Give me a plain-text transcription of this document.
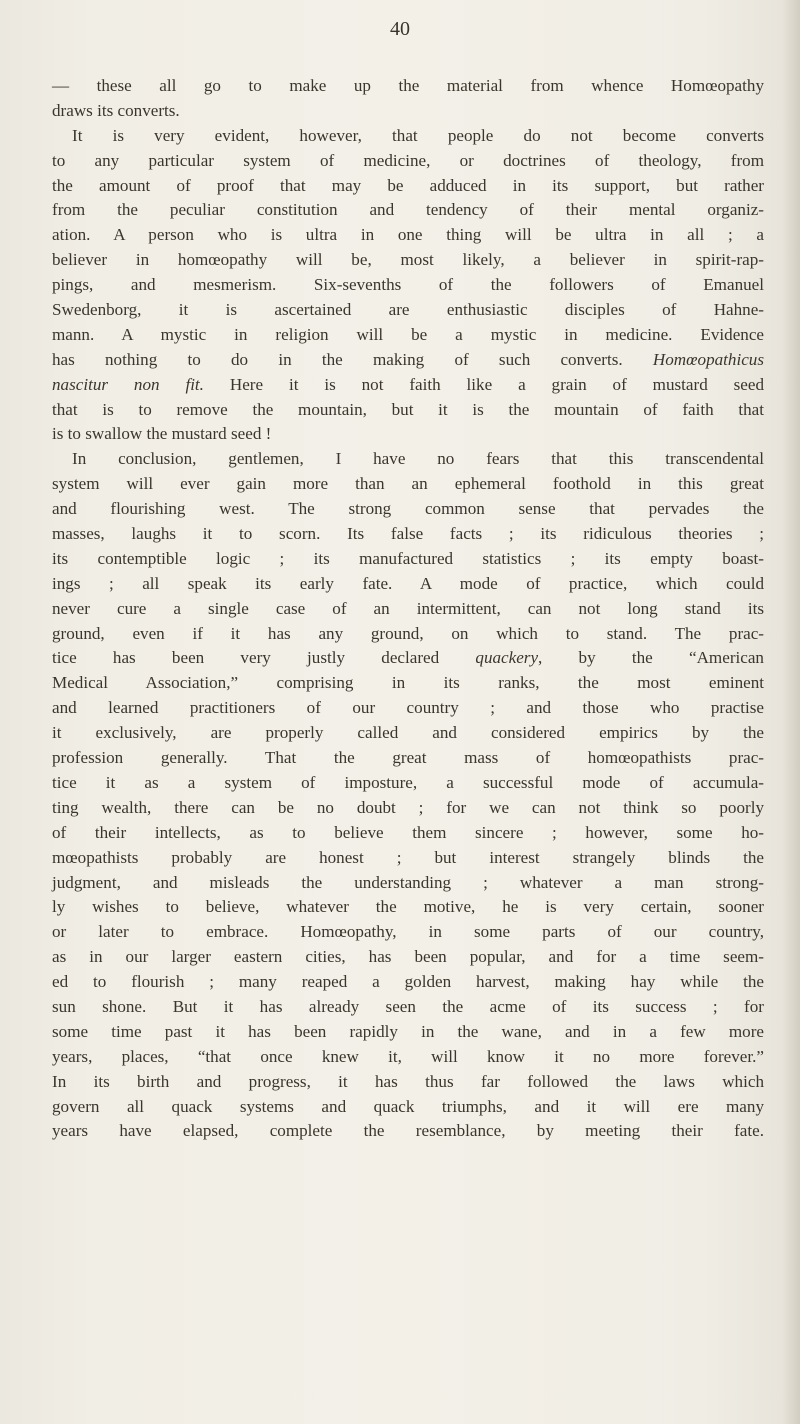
40
— these all go to make up the material from whence Homœopathy
draws its converts.
It is very evident, however, that people do not become converts
to any particular system of medicine, or doctrines of theology, from
the amount of proof that may be adduced in its support, but rather
from the peculiar constitution and tendency of their mental organiz-
ation. A person who is ultra in one thing will be ultra in all ; a
believer in homœopathy will be, most likely, a believer in spirit-rap-
pings, and mesmerism. Six-sevenths of the followers of Emanuel
Swedenborg, it is ascertained are enthusiastic disciples of Hahne-
mann. A mystic in religion will be a mystic in medicine. Evidence
has nothing to do in the making of such converts. Homœopathicus
nascitur non fit. Here it is not faith like a grain of mustard seed
that is to remove the mountain, but it is the mountain of faith that
is to swallow the mustard seed !
In conclusion, gentlemen, I have no fears that this transcendental
system will ever gain more than an ephemeral foothold in this great
and flourishing west. The strong common sense that pervades the
masses, laughs it to scorn. Its false facts ; its ridiculous theories ;
its contemptible logic ; its manufactured statistics ; its empty boast-
ings ; all speak its early fate. A mode of practice, which could
never cure a single case of an intermittent, can not long stand its
ground, even if it has any ground, on which to stand. The prac-
tice has been very justly declared quackery, by the “American
Medical Association,” comprising in its ranks, the most eminent
and learned practitioners of our country ; and those who practise
it exclusively, are properly called and considered empirics by the
profession generally. That the great mass of homœopathists prac-
tice it as a system of imposture, a successful mode of accumula-
ting wealth, there can be no doubt ; for we can not think so poorly
of their intellects, as to believe them sincere ; however, some ho-
mœopathists probably are honest ; but interest strangely blinds the
judgment, and misleads the understanding ; whatever a man strong-
ly wishes to believe, whatever the motive, he is very certain, sooner
or later to embrace. Homœopathy, in some parts of our country,
as in our larger eastern cities, has been popular, and for a time seem-
ed to flourish ; many reaped a golden harvest, making hay while the
sun shone. But it has already seen the acme of its success ; for
some time past it has been rapidly in the wane, and in a few more
years, places, “that once knew it, will know it no more forever.”
In its birth and progress, it has thus far followed the laws which
govern all quack systems and quack triumphs, and it will ere many
years have elapsed, complete the resemblance, by meeting their fate.
